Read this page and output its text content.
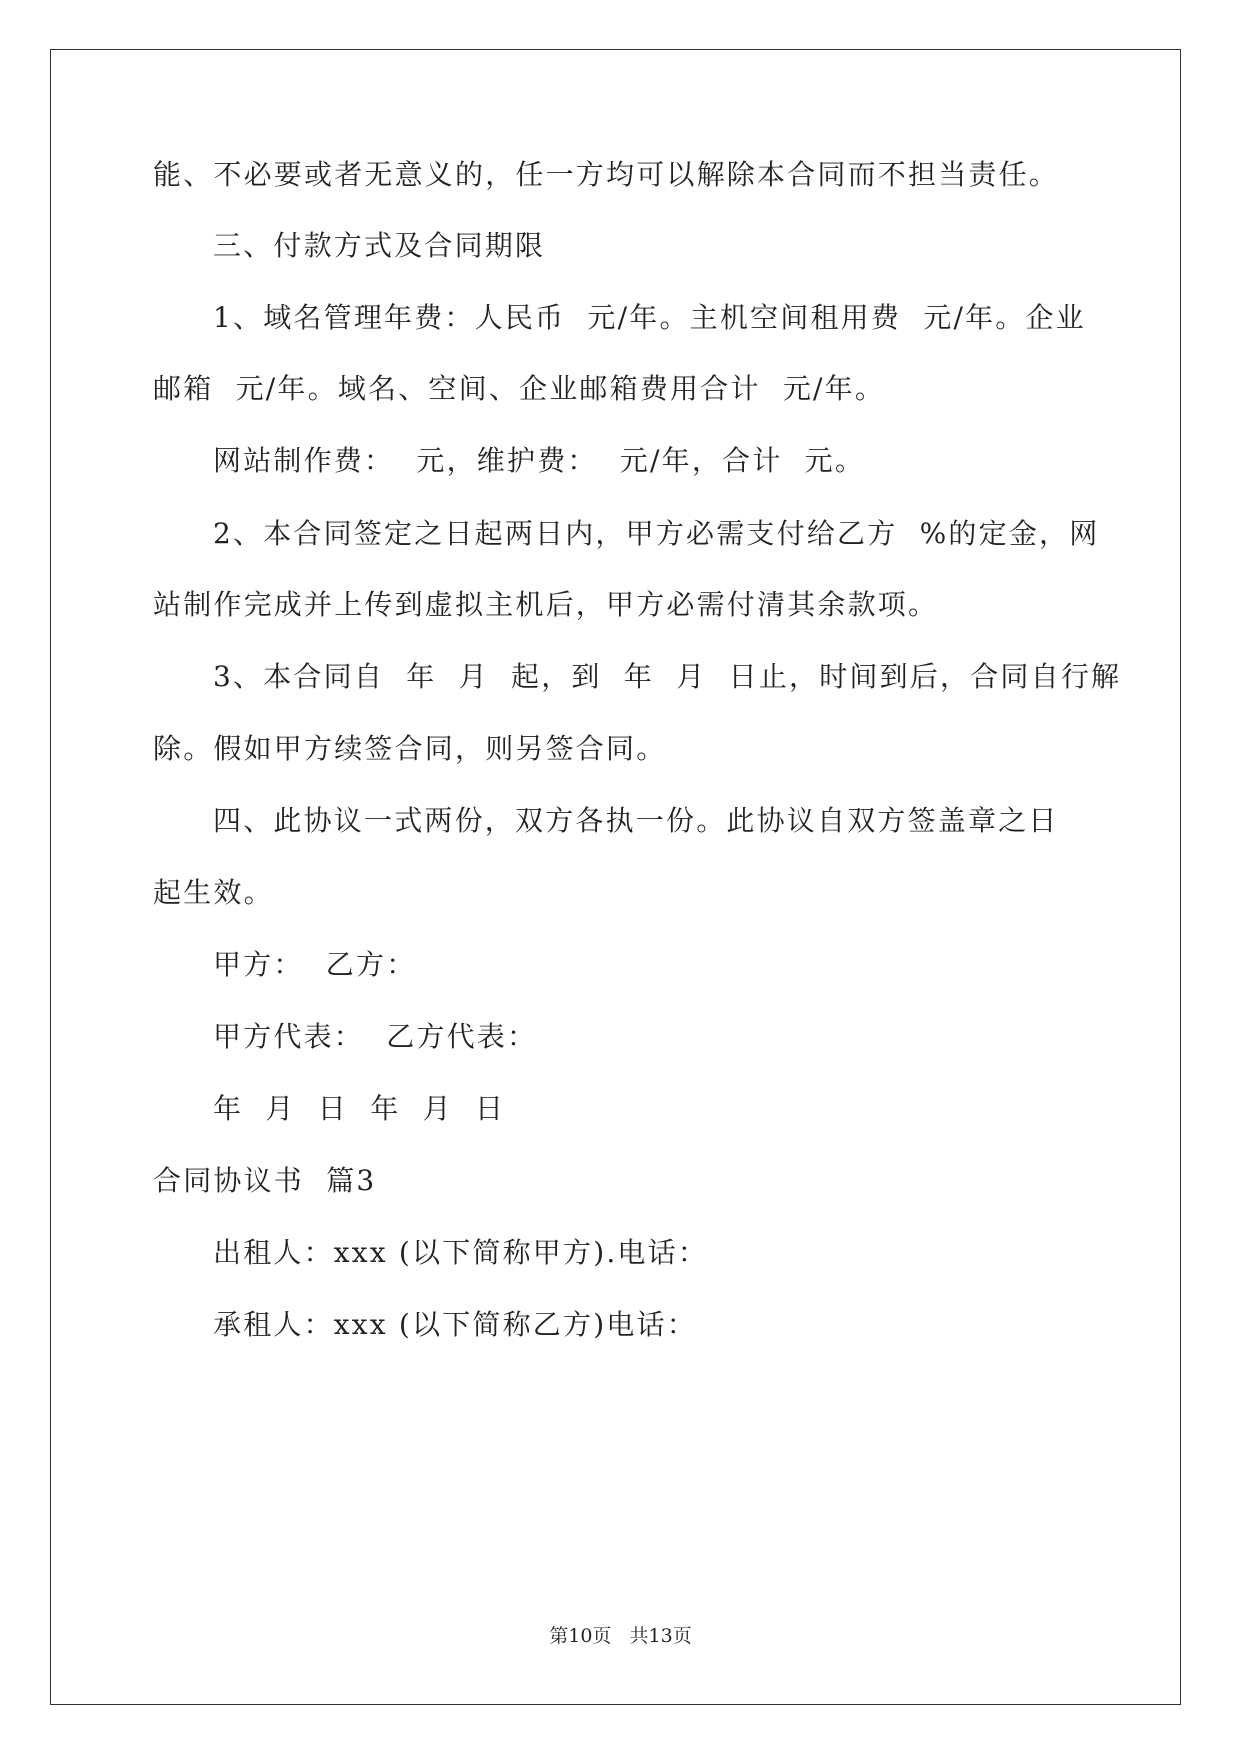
能、不必要或者无意义的，任一方均可以解除本合同而不担当责任。
三、付款方式及合同期限
1、域名管理年费：人民币  元/年。主机空间租用费  元/年。企业
邮箱  元/年。域名、空间、企业邮箱费用合计  元/年。
网站制作费：  元，维护费：  元/年，合计  元。
2、本合同签定之日起两日内，甲方必需支付给乙方  %的定金，网
站制作完成并上传到虚拟主机后，甲方必需付清其余款项。
3、本合同自  年  月  起，到  年  月  日止，时间到后，合同自行解
除。假如甲方续签合同，则另签合同。
四、此协议一式两份，双方各执一份。此协议自双方签盖章之日
起生效。
甲方：  乙方：
甲方代表：  乙方代表：
年  月  日  年  月  日
合同协议书  篇3
出租人：xxx (以下简称甲方).电话：
承租人：xxx (以下简称乙方)电话：
第10页   共13页
